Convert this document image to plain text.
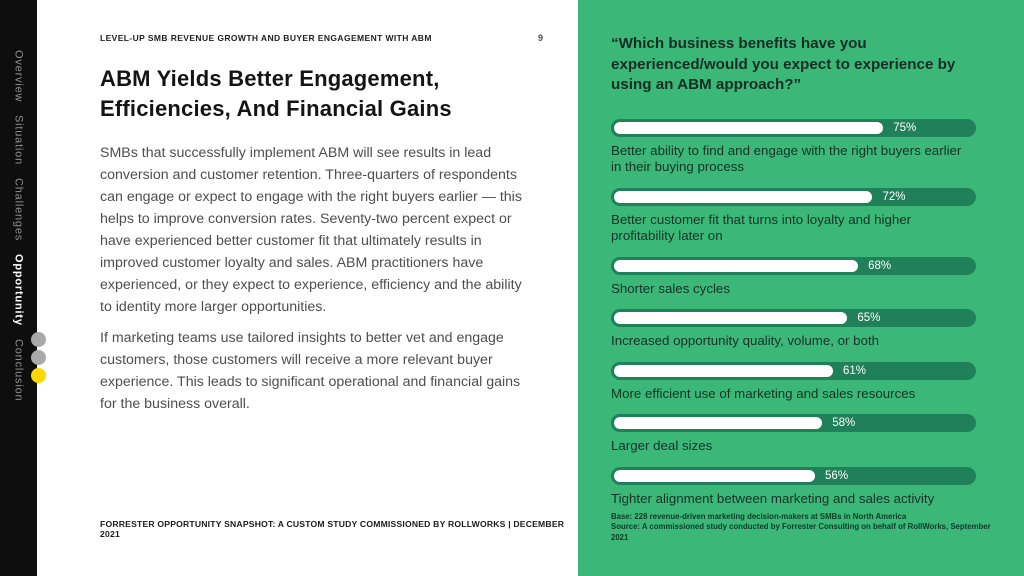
Overview
Situation
Challenges
Opportunity
Conclusion
LEVEL-UP SMB REVENUE GROWTH AND BUYER ENGAGEMENT WITH ABM	9
ABM Yields Better Engagement,
Efficiencies, And Financial Gains

SMBs that successfully implement ABM will see results in lead conversion and customer retention. Three-quarters of respondents can engage or expect to engage with the right buyers earlier — this helps to improve conversion rates. Seventy-two percent expect or have experienced better customer fit that ultimately results in improved customer loyalty and sales. ABM practitioners have experienced, or they expect to experience, efficiency and the ability to identity more larger opportunities.

If marketing teams use tailored insights to better vet and engage customers, those customers will receive a more relevant buyer experience. This leads to significant operational and financial gains for the business overall.

FORRESTER OPPORTUNITY SNAPSHOT: A CUSTOM STUDY COMMISSIONED BY ROLLWORKS | DECEMBER 2021
“Which business benefits have you experienced/would you expect to experience by using an ABM approach?”
75%
Better ability to find and engage with the right buyers earlier in their buying process
72%
Better customer fit that turns into loyalty and higher profitability later on
68%
Shorter sales cycles
65%
Increased opportunity quality, volume, or both
61%
More efficient use of marketing and sales resources
58%
Larger deal sizes
56%
Tighter alignment between marketing and sales activity
Base: 228 revenue-driven marketing decision-makers at SMBs in North America
Source: A commissioned study conducted by Forrester Consulting on behalf of RollWorks, September 2021
